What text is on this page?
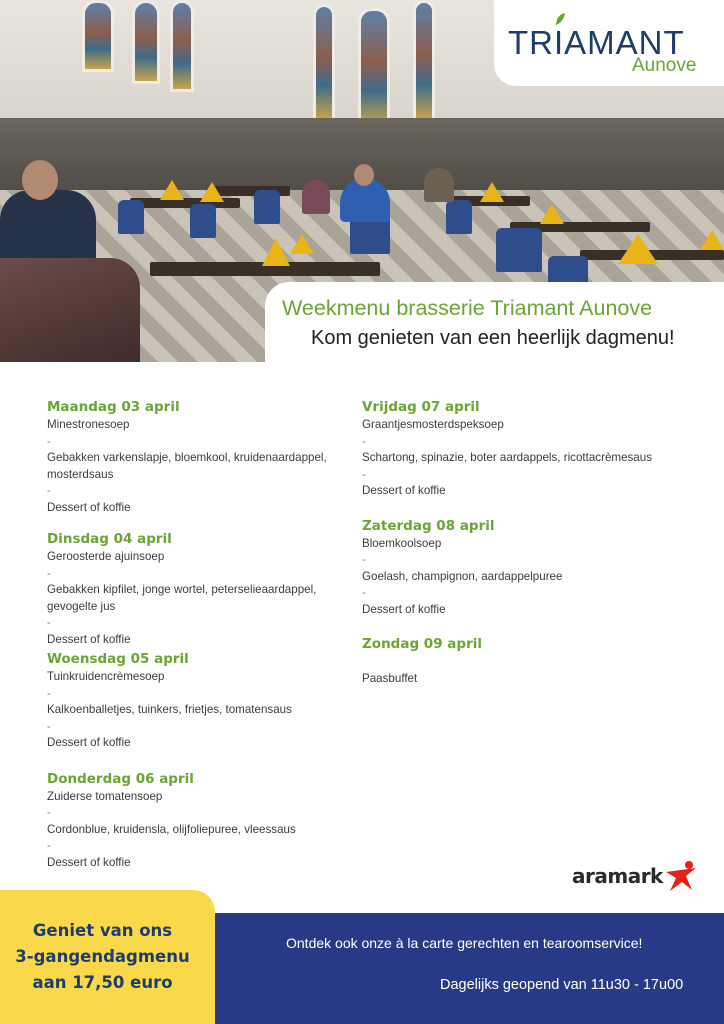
TRIAMANT
Aunove
Weekmenu brasserie Triamant Aunove
Kom genieten van een heerlijk dagmenu!
Maandag 03 april
Minestronesoep
-
Gebakken varkenslapje, bloemkool, kruidenaardappel,
mosterdsaus
-
Dessert of koffie
Dinsdag 04 april
Geroosterde ajuinsoep
-
Gebakken kipfilet, jonge wortel, peterselieaardappel,
gevogelte jus
-
Dessert of koffie
Woensdag 05 april
Tuinkruidencrèmesoep
-
Kalkoenballetjes, tuinkers, frietjes, tomatensaus
-
Dessert of koffie
Donderdag 06 april
Zuiderse tomatensoep
-
Cordonblue, kruidensla, olijfoliepuree, vleessaus
-
Dessert of koffie
Vrijdag 07 april
Graantjesmosterdspeksoep
-
Schartong, spinazie, boter aardappels, ricottacrèmesaus
-
Dessert of koffie
Zaterdag 08 april
Bloemkoolsoep
-
Goelash, champignon, aardappelpuree
-
Dessert of koffie
Zondag 09 april
Paasbuffet
aramark
Ontdek ook onze à la carte gerechten en tearoomservice!
Dagelijks geopend van 11u30 - 17u00
Geniet van ons
3-gangendagmenu
aan 17,50 euro
